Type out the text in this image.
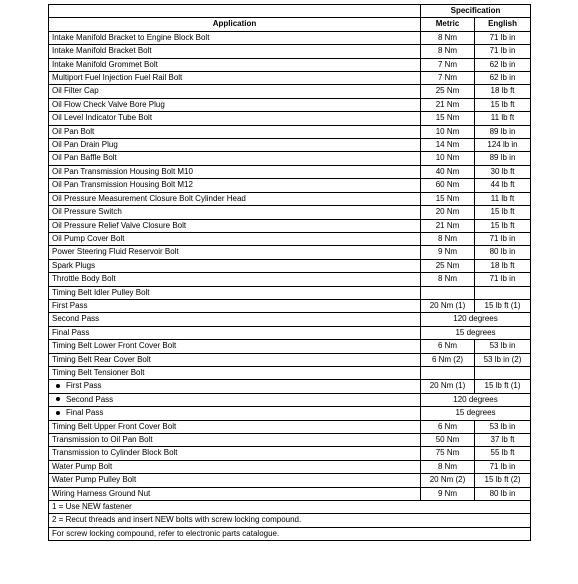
	Specification	
Application	Metric	English
Intake Manifold Bracket to Engine Block Bolt	8 Nm	71 lb in
Intake Manifold Bracket Bolt	8 Nm	71 lb in
Intake Manifold Grommet Bolt	7 Nm	62 lb in
Multiport Fuel Injection Fuel Rail Bolt	7 Nm	62 lb in
Oil Filter Cap	25 Nm	18 lb ft
Oil Flow Check Valve Bore Plug	21 Nm	15 lb ft
Oil Level Indicator Tube Bolt	15 Nm	11 lb ft
Oil Pan Bolt	10 Nm	89 lb in
Oil Pan Drain Plug	14 Nm	124 lb in
Oil Pan Baffle Bolt	10 Nm	89 lb in
Oil Pan Transmission Housing Bolt M10	40 Nm	30 lb ft
Oil Pan Transmission Housing Bolt M12	60 Nm	44 lb ft
Oil Pressure Measurement Closure Bolt Cylinder Head	15 Nm	11 lb ft
Oil Pressure Switch	20 Nm	15 lb ft
Oil Pressure Relief Valve Closure Bolt	21 Nm	15 lb ft
Oil Pump Cover Bolt	8 Nm	71 lb in
Power Steering Fluid Reservoir Bolt	9 Nm	80 lb in
Spark Plugs	25 Nm	18 lb ft
Throttle Body Bolt	8 Nm	71 lb in
Timing Belt Idler Pulley Bolt		
First Pass	20 Nm (1)	15 lb ft (1)
Second Pass	120 degrees	
Final Pass	15 degrees	
Timing Belt Lower Front Cover Bolt	6 Nm	53 lb in
Timing Belt Rear Cover Bolt	6 Nm (2)	53 lb in (2)
Timing Belt Tensioner Bolt		
First Pass	20 Nm (1)	15 lb ft (1)
Second Pass	120 degrees	
Final Pass	15 degrees	
Timing Belt Upper Front Cover Bolt	6 Nm	53 lb in
Transmission to Oil Pan Bolt	50 Nm	37 lb ft
Transmission to Cylinder Block Bolt	75 Nm	55 lb ft
Water Pump Bolt	8 Nm	71 lb in
Water Pump Pulley Bolt	20 Nm (2)	15 lb ft (2)
Wiring Harness Ground Nut	9 Nm	80 lb in
1 = Use NEW fastener		
2 = Recut threads and insert NEW bolts with screw locking compound.		
For screw locking compound, refer to electronic parts catalogue.		
